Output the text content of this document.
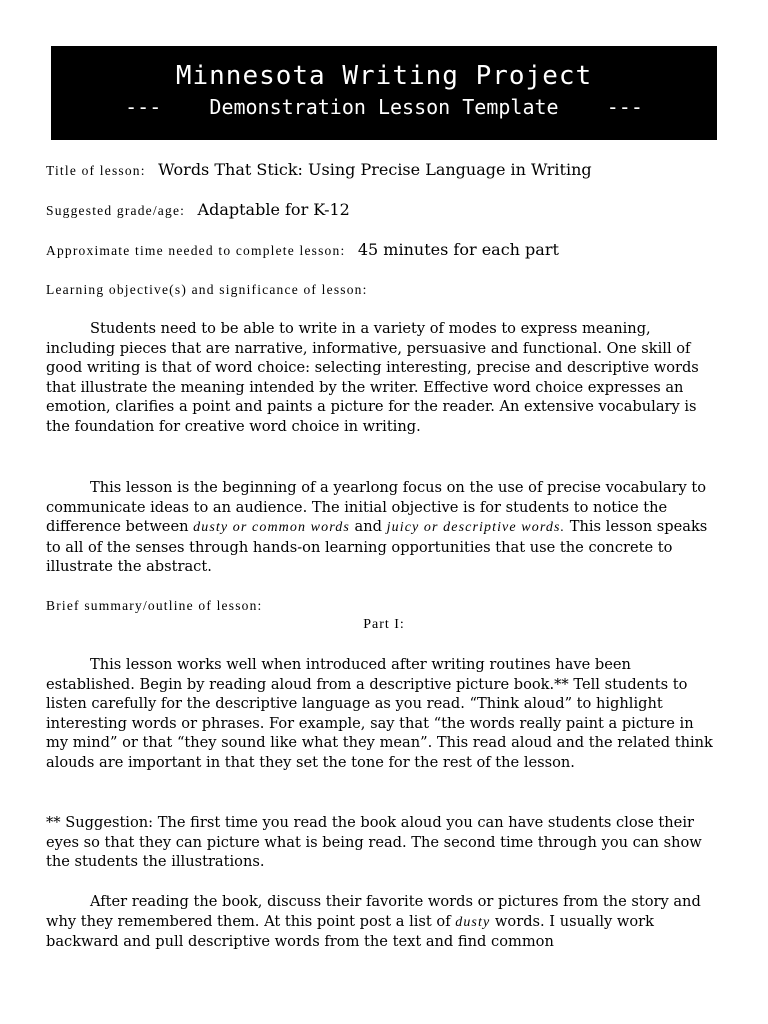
Minnesota Writing Project
---    Demonstration Lesson Template    ---
Title of lesson: Words That Stick: Using Precise Language in Writing
Suggested grade/age: Adaptable for K-12
Approximate time needed to complete lesson: 45 minutes for each part
Learning objective(s) and significance of lesson:

Students need to be able to write in a variety of modes to express meaning, including pieces that are narrative, informative, persuasive and functional. One skill of good writing is that of word choice: selecting interesting, precise and descriptive words that illustrate the meaning intended by the writer. Effective word choice expresses an emotion, clarifies a point and paints a picture for the reader. An extensive vocabulary is the foundation for creative word choice in writing.

This lesson is the beginning of a yearlong focus on the use of precise vocabulary to communicate ideas to an audience. The initial objective is for students to notice the difference between dusty or common words and juicy or descriptive words. This lesson speaks to all of the senses through hands-on learning opportunities that use the concrete to illustrate the abstract.

Brief summary/outline of lesson:
Part I:

This lesson works well when introduced after writing routines have been established. Begin by reading aloud from a descriptive picture book.** Tell students to listen carefully for the descriptive language as you read. “Think aloud” to highlight interesting words or phrases. For example, say that “the words really paint a picture in my mind” or that “they sound like what they mean”. This read aloud and the related think alouds are important in that they set the tone for the rest of the lesson.

** Suggestion: The first time you read the book aloud you can have students close their eyes so that they can picture what is being read. The second time through you can show the students the illustrations.

After reading the book, discuss their favorite words or pictures from the story and why they remembered them. At this point post a list of dusty words. I usually work backward and pull descriptive words from the text and find common
